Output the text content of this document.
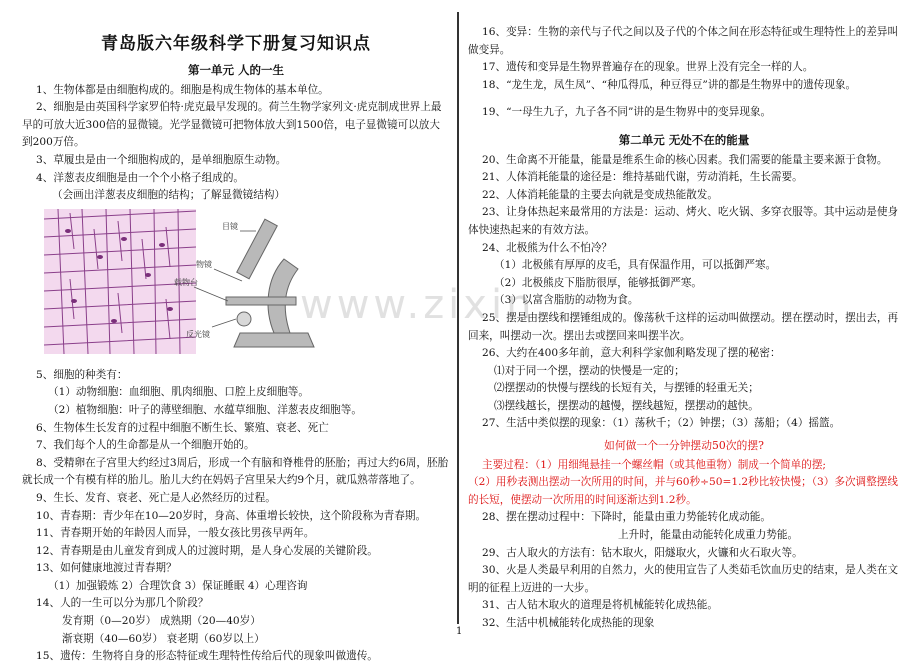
青岛版六年级科学下册复习知识点
第一单元 人的一生

1、生物体都是由细胞构成的。细胞是构成生物体的基本单位。

2、细胞是由英国科学家罗伯特·虎克最早发现的。荷兰生物学家列文·虎克制成世界上最早的可放大近300倍的显微镜。光学显微镜可把物体放大到1500倍，电子显微镜可以放大到200万倍。

3、草履虫是由一个细胞构成的，是单细胞原生动物。

4、洋葱表皮细胞是由一个个小格子组成的。

（会画出洋葱表皮细胞的结构；了解显微镜结构）

目镜
物镜
载物台
反光镜

5、细胞的种类有：

（1）动物细胞：血细胞、肌肉细胞、口腔上皮细胞等。

（2）植物细胞：叶子的薄壁细胞、水蕴草细胞、洋葱表皮细胞等。

6、生物体生长发育的过程中细胞不断生长、繁殖、衰老、死亡

7、我们每个人的生命都是从一个细胞开始的。

8、受精卵在子宫里大约经过3周后，形成一个有脑和脊椎骨的胚胎；再过大约6周，胚胎就长成一个有模有样的胎儿。胎儿大约在妈妈子宫里呆大约9个月，就瓜熟蒂落地了。

9、生长、发育、衰老、死亡是人必然经历的过程。

10、青春期：青少年在10—20岁时，身高、体重增长较快，这个阶段称为青春期。

11、青春期开始的年龄因人而异，一般女孩比男孩早两年。

12、青春期是由儿童发育到成人的过渡时期，是人身心发展的关键阶段。

13、如何健康地渡过青春期？

（1）加强锻炼 2）合理饮食 3）保证睡眠 4）心理咨询

14、人的一生可以分为那几个阶段？

发育期（0—20岁） 成熟期（20—40岁）

渐衰期（40—60岁） 衰老期（60岁以上）

15、遗传：生物将自身的形态特征或生理特性传给后代的现象叫做遗传。

16、变异：生物的亲代与子代之间以及子代的个体之间在形态特征或生理特性上的差异叫做变异。

17、遗传和变异是生物界普遍存在的现象。世界上没有完全一样的人。

18、“龙生龙，凤生凤”、“种瓜得瓜，种豆得豆”讲的都是生物界中的遗传现象。

19、“一母生九子，九子各不同”讲的是生物界中的变异现象。

第二单元 无处不在的能量

20、生命离不开能量，能量是维系生命的核心因素。我们需要的能量主要来源于食物。

21、人体消耗能量的途径是：维持基础代谢，劳动消耗，生长需要。

22、人体消耗能量的主要去向就是变成热能散发。

23、让身体热起来最常用的方法是：运动、烤火、吃火锅、多穿衣服等。其中运动是使身体快速热起来的有效方法。

24、北极熊为什么不怕冷？

（1）北极熊有厚厚的皮毛，具有保温作用，可以抵御严寒。

（2）北极熊皮下脂肪很厚，能够抵御严寒。

（3）以富含脂肪的动物为食。

25、摆是由摆线和摆锤组成的。像荡秋千这样的运动叫做摆动。摆在摆动时，摆出去，再回来，叫摆动一次。摆出去或摆回来叫摆半次。

26、大约在400多年前，意大利科学家伽利略发现了摆的秘密：

⑴对于同一个摆，摆动的快慢是一定的；

⑵摆摆动的快慢与摆线的长短有关，与摆锤的轻重无关；

⑶摆线越长，摆摆动的越慢，摆线越短，摆摆动的越快。

27、生活中类似摆的现象：（1）荡秋千；（2）钟摆；（3）荡船；（4）摇篮。

如何做一个一分钟摆动50次的摆?

主要过程：（1）用细绳悬挂一个螺丝帽（或其他重物）制成一个简单的摆;

（2）用秒表测出摆动一次所用的时间，并与60秒÷50=1.2秒比较快慢；（3）多次调整摆线的长短，使摆动一次所用的时间逐渐达到1.2秒。

28、摆在摆动过程中：下降时，能量由重力势能转化成动能。

上升时，能量由动能转化成重力势能。

29、古人取火的方法有：钻木取火，阳燧取火，火镰和火石取火等。

30、火是人类最早利用的自然力，火的使用宣告了人类茹毛饮血历史的结束，是人类在文明的征程上迈进的一大步。

31、古人钻木取火的道理是将机械能转化成热能。

32、生活中机械能转化成热能的现象

www.zixin
1
